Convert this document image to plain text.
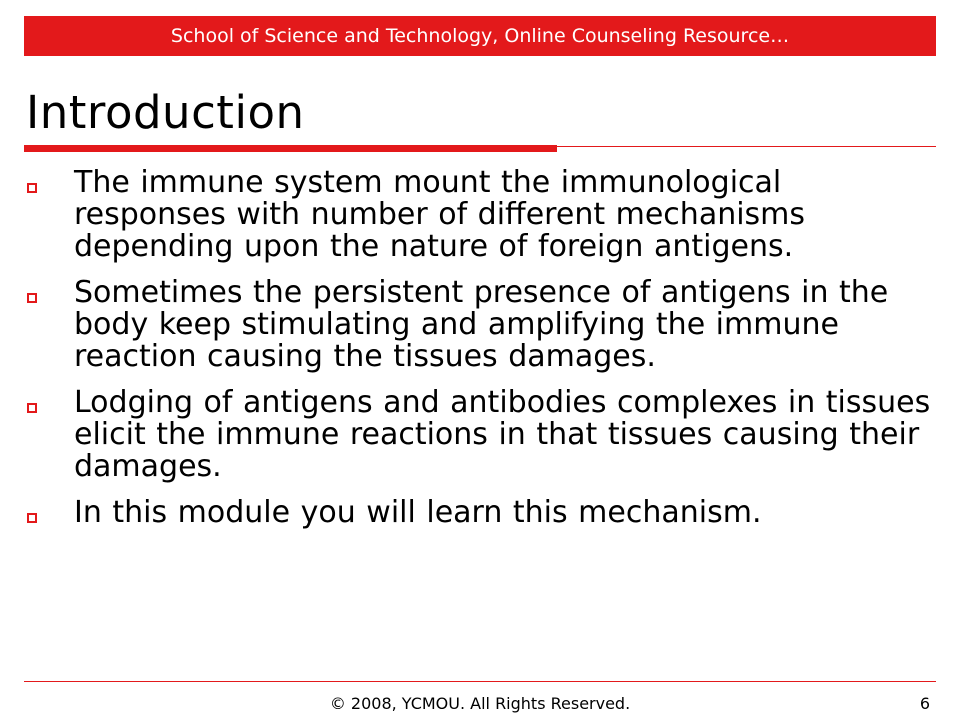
School of Science and Technology, Online Counseling Resource…
Introduction
The immune system mount the immunological responses with number of different mechanisms depending upon the nature of foreign antigens.
Sometimes the persistent presence of antigens in the body keep stimulating and amplifying the immune reaction causing the tissues damages.
Lodging of antigens and antibodies complexes in tissues elicit the immune reactions in that tissues causing their damages.
In this module you will learn this mechanism.
© 2008, YCMOU. All Rights Reserved.	6
